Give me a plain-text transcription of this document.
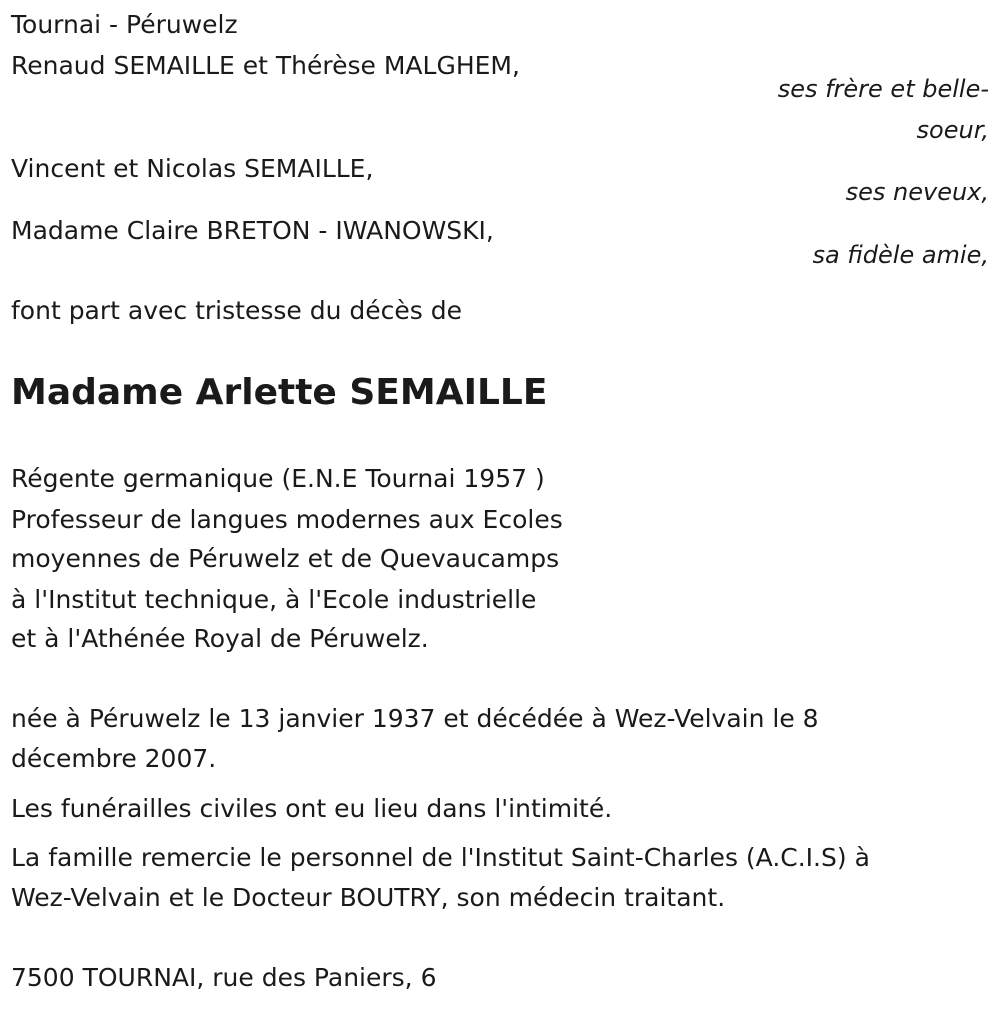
Tournai - Péruwelz
Renaud SEMAILLE et Thérèse MALGHEM,
ses frère et belle-
soeur,
Vincent et Nicolas SEMAILLE,
ses neveux,
Madame Claire BRETON - IWANOWSKI,
sa fidèle amie,
font part avec tristesse du décès de
Madame Arlette SEMAILLE
Régente germanique (E.N.E Tournai 1957 )
Professeur de langues modernes aux Ecoles
moyennes de Péruwelz et de Quevaucamps
à l'Institut technique, à l'Ecole industrielle
et à l'Athénée Royal de Péruwelz.
née à Péruwelz le 13 janvier 1937 et décédée à Wez-Velvain le 8
décembre 2007.
Les funérailles civiles ont eu lieu dans l'intimité.
La famille remercie le personnel de l'Institut Saint-Charles (A.C.I.S) à
Wez-Velvain et le Docteur BOUTRY, son médecin traitant.
7500 TOURNAI, rue des Paniers, 6
